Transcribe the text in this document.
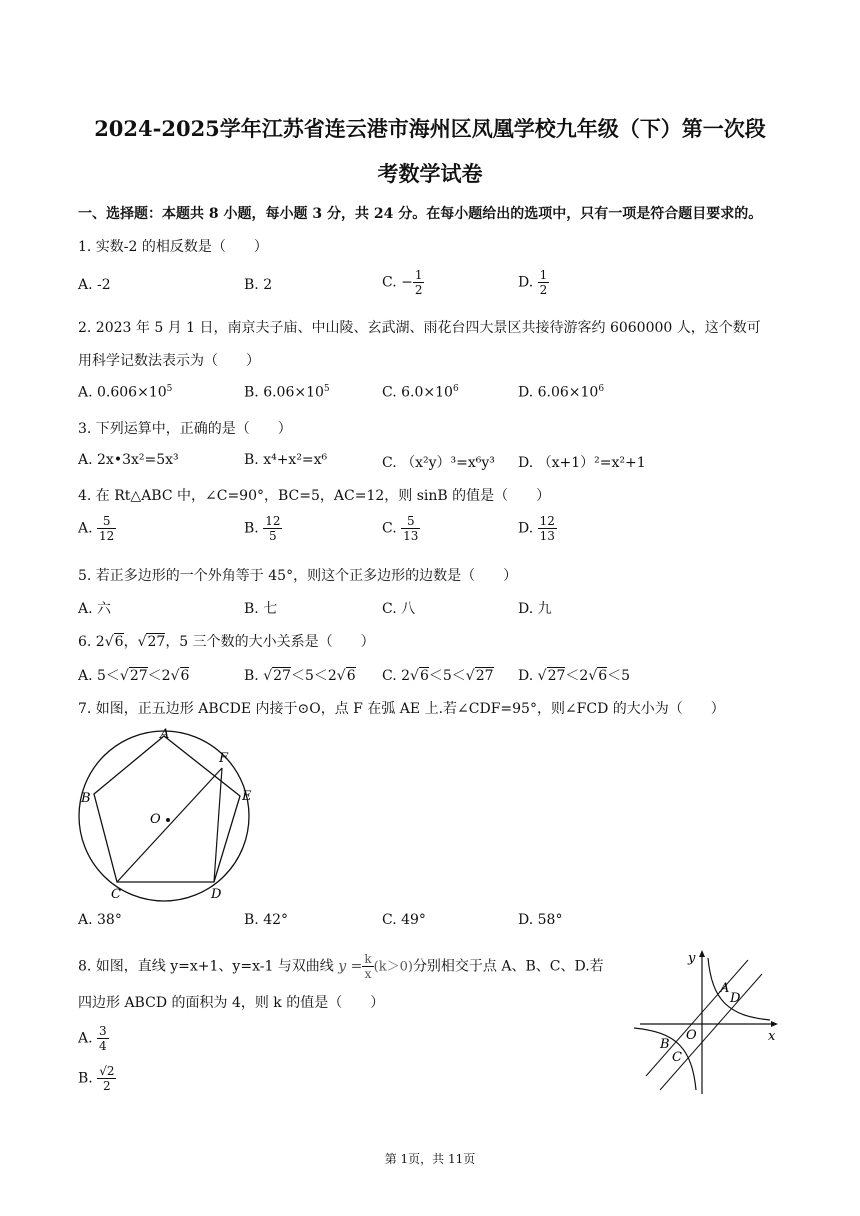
2024-2025学年江苏省连云港市海州区凤凰学校九年级（下）第一次段
考数学试卷
一、选择题：本题共 8 小题，每小题 3 分，共 24 分。在每小题给出的选项中，只有一项是符合题目要求的。
1. 实数-2 的相反数是（　　）
A. -2	B. 2	C. − $\frac{1}{2}$	D. $\frac{1}{2}$
2. 2023 年 5 月 1 日，南京夫子庙、中山陵、玄武湖、雨花台四大景区共接待游客约 6060000 人，这个数可
用科学记数法表示为（　　）
A. $0.606\times 10^5$	B. $6.06\times 10^5$	C. $6.0\times 10^6$	D. $6.06\times 10^6$
3. 下列运算中，正确的是（　　）
A. 2x•3x²=5x³	B. x⁴+x²=x⁶	C. （x²y）³=x⁶y³ D. （x+1）²=x²+1
4. 在 Rt△ABC 中，∠C=90°，BC=5，AC=12，则 sinB 的值是（　　）
A. $\frac{5}{12}$	B. $\frac{12}{5}$	C. $\frac{5}{13}$	D. $\frac{12}{13}$
5. 若正多边形的一个外角等于 45°，则这个正多边形的边数是（　　）
A. 六	B. 七	C. 八	D. 九
6. 2√6，√27，5 三个数的大小关系是（　　）
A. 5＜√27＜2√6	B. √27＜5＜2√6 C. 2√6＜5＜√27 D. √27＜2√6＜5
7. 如图，正五边形 ABCDE 内接于⊙O，点 F 在弧 AE 上.若∠CDF=95°，则∠FCD 的大小为（　　）
A
B
C	D
E
F
O
A. 38°	B. 42°	C. 49°	D. 58°
8. 如图，直线 y=x+1、y=x-1 与双曲线 $y = \frac{k}{x} (k>0)$分别相交于点 A、B、C、D.若
四边形 ABCD 的面积为 4，则 k 的值是（　　）
A. $\frac{3}{4}$
B. $\frac{√2}{2}$
y
x
O
A
B
C
D
第 1页，共 11页
